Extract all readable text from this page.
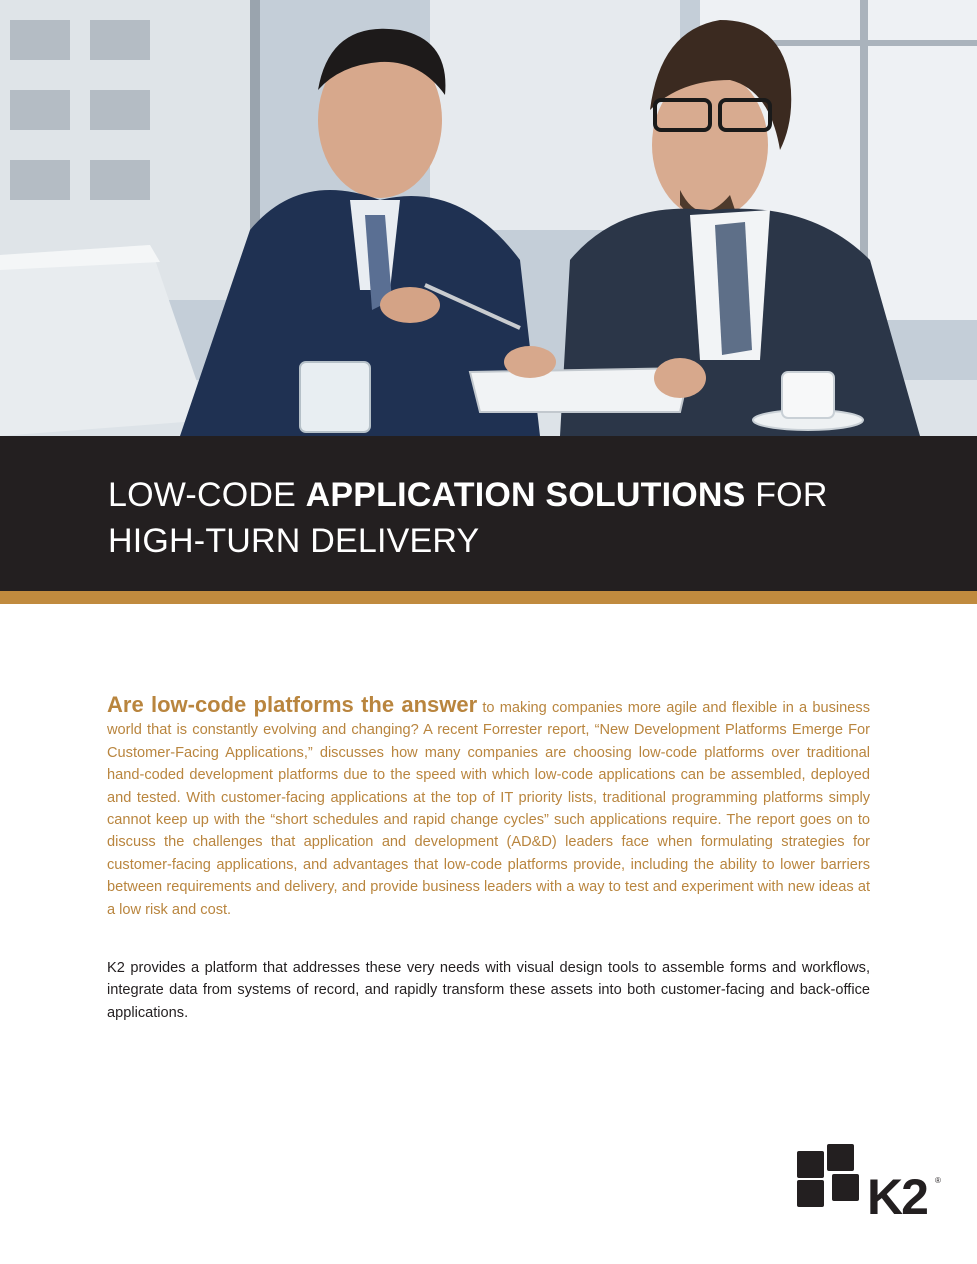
LOW-CODE APPLICATION SOLUTIONS FOR
HIGH-TURN DELIVERY

Are low-code platforms the answer to making companies more agile and flexible in a business world that is constantly evolving and changing? A recent Forrester report, “New Development Platforms Emerge For Customer-Facing Applications,” discusses how many companies are choosing low-code platforms over traditional hand-coded development platforms due to the speed with which low-code applications can be assembled, deployed and tested. With customer-facing applications at the top of IT priority lists, traditional programming platforms simply cannot keep up with the “short schedules and rapid change cycles” such applications require. The report goes on to discuss the challenges that application and development (AD&D) leaders face when formulating strategies for customer-facing applications, and advantages that low-code platforms provide, including the ability to lower barriers between requirements and delivery, and provide business leaders with a way to test and experiment with new ideas at a low risk and cost.

K2 provides a platform that addresses these very needs with visual design tools to assemble forms and workflows, integrate data from systems of record, and rapidly transform these assets into both customer-facing and back-office applications.

K2 ®
